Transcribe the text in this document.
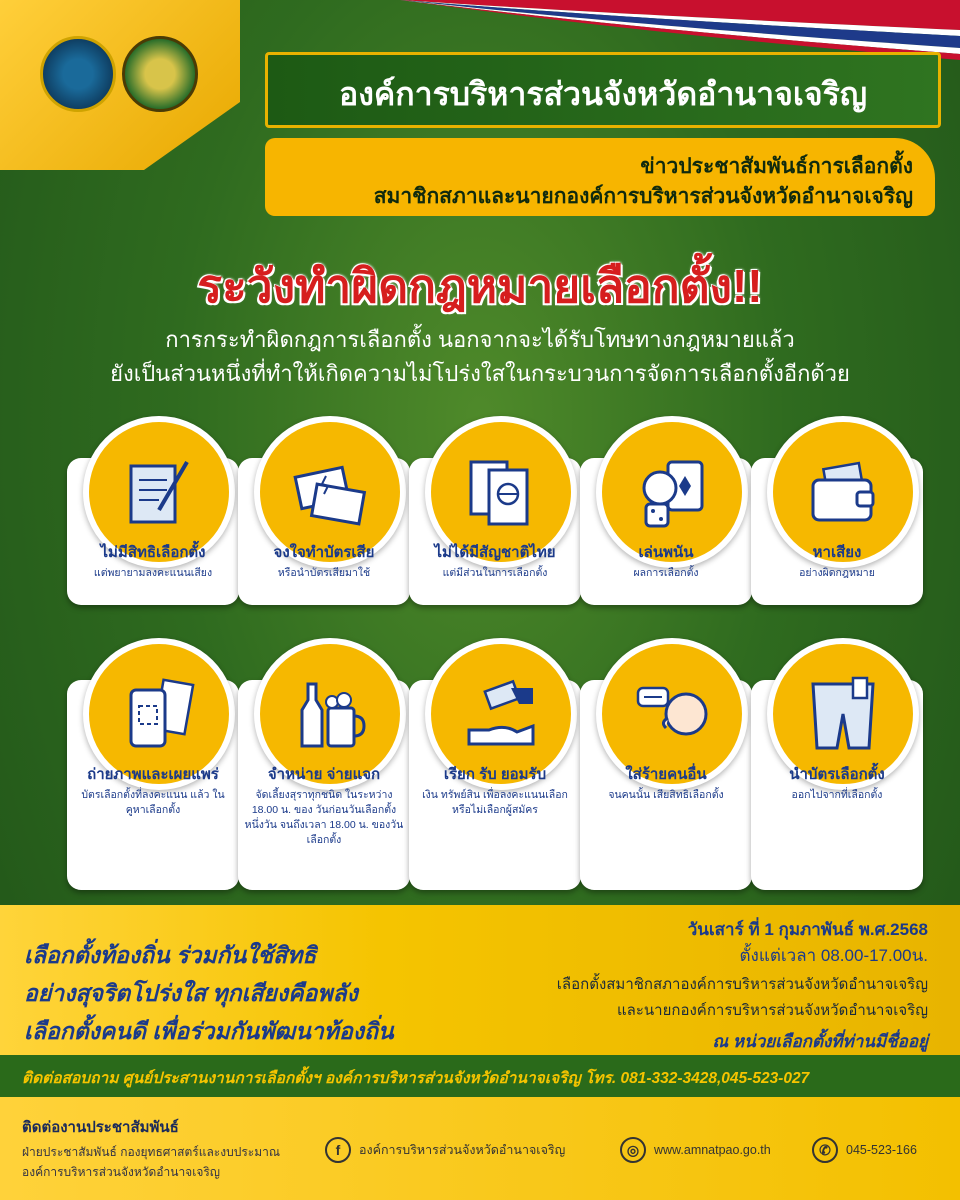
องค์การบริหารส่วนจังหวัดอำนาจเจริญ
ข่าวประชาสัมพันธ์การเลือกตั้ง
สมาชิกสภาและนายกองค์การบริหารส่วนจังหวัดอำนาจเจริญ
ระวังทำผิดกฎหมายเลือกตั้ง!!
การกระทำผิดกฎการเลือกตั้ง นอกจากจะได้รับโทษทางกฎหมายแล้ว
ยังเป็นส่วนหนึ่งที่ทำให้เกิดความไม่โปร่งใสในกระบวนการจัดการเลือกตั้งอีกด้วย
ไม่มีสิทธิเลือกตั้ง
แต่พยายามลงคะแนนเสียง
จงใจทำบัตรเสีย
หรือนำบัตรเสียมาใช้
ไม่ได้มีสัญชาติไทย
แต่มีส่วนในการเลือกตั้ง
เล่นพนัน
ผลการเลือกตั้ง
หาเสียง
อย่างผิดกฎหมาย
ถ่ายภาพและเผยแพร่
บัตรเลือกตั้งที่ลงคะแนน แล้ว ในคูหาเลือกตั้ง
จำหน่าย จ่ายแจก
จัดเลี้ยงสุราทุกชนิด ในระหว่าง 18.00 น. ของ วันก่อนวันเลือกตั้งหนึ่งวัน จนถึงเวลา 18.00 น. ของวันเลือกตั้ง
เรียก รับ ยอมรับ
เงิน ทรัพย์สิน เพื่อลงคะแนนเลือก หรือไม่เลือกผู้สมัคร
ใส่ร้ายคนอื่น
จนคนนั้น เสียสิทธิเลือกตั้ง
นำบัตรเลือกตั้ง
ออกไปจากที่เลือกตั้ง
เลือกตั้งท้องถิ่น ร่วมกันใช้สิทธิ
อย่างสุจริตโปร่งใส ทุกเสียงคือพลัง
เลือกตั้งคนดี เพื่อร่วมกันพัฒนาท้องถิ่น
วันเสาร์ ที่ 1 กุมภาพันธ์ พ.ศ.2568
ตั้งแต่เวลา 08.00-17.00น.
เลือกตั้งสมาชิกสภาองค์การบริหารส่วนจังหวัดอำนาจเจริญ
และนายกองค์การบริหารส่วนจังหวัดอำนาจเจริญ
ณ หน่วยเลือกตั้งที่ท่านมีชื่ออยู่
ติดต่อสอบถาม ศูนย์ประสานงานการเลือกตั้งฯ องค์การบริหารส่วนจังหวัดอำนาจเจริญ โทร. 081-332-3428,045-523-027
ติดต่องานประชาสัมพันธ์
ฝ่ายประชาสัมพันธ์ กองยุทธศาสตร์และงบประมาณ
องค์การบริหารส่วนจังหวัดอำนาจเจริญ
f	องค์การบริหารส่วนจังหวัดอำนาจเจริญ	◎	www.amnatpao.go.th	✆	045-523-166
